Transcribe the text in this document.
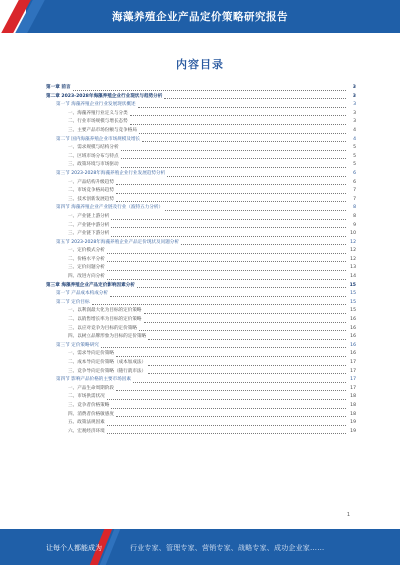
海藻养殖企业产品定价策略研究报告
内容目录
第一章 前言	3
第二章 2023-2028年海藻养殖企业行业现状与趋势分析	3
第一节 海藻养殖企业行业发展现状概述	3
一、海藻养殖行业定义与分类	3
二、行业市场规模与增长态势	3
三、主要产品市场份额与竞争格局	4
第二节 国内海藻养殖企业市场规模及增长	4
一、需求规模与结构分析	5
二、区域市场分布与特点	5
三、政策环境与市场驱动	5
第三节 2023-2028年海藻养殖企业行业发展趋势分析	6
一、产品结构升级趋势	6
二、市场竞争格局趋势	7
三、技术创新发展趋势	7
第四节 海藻养殖企业产业链及行业（波特五力分析）	8
一、产业链上游分析	8
二、产业链中游分析	9
三、产业链下游分析	10
第五节 2023-2028年海藻养殖企业产品定价现状及问题分析	12
一、定价模式分析	12
二、价格水平分析	12
三、定价问题分析	13
四、改进方向分析	14
第三章 海藻养殖企业产品定价影响因素分析	15
第一节 产品成本构成分析	15
第二节 定价目标	15
一、以利润最大化为目标的定价策略	15
二、以销售增长率为目标的定价策略	16
三、以应对竞争为目标的定价策略	16
四、以树立品牌形象为目标的定价策略	16
第三节 定价策略研究	16
一、需求导向定价策略	16
二、成本导向定价策略（成本加成法）	17
三、竞争导向定价策略（随行就市法）	17
第四节 影响产品价格的主要市场因素	17
一、产品生命周期阶段	17
二、市场供需状况	18
三、竞争者价格策略	18
四、消费者价格敏感度	18
五、政策法规因素	19
六、宏观经济环境	19
1
让每个人都能成为	行业专家、管理专家、营销专家、战略专家、成功企业家……
